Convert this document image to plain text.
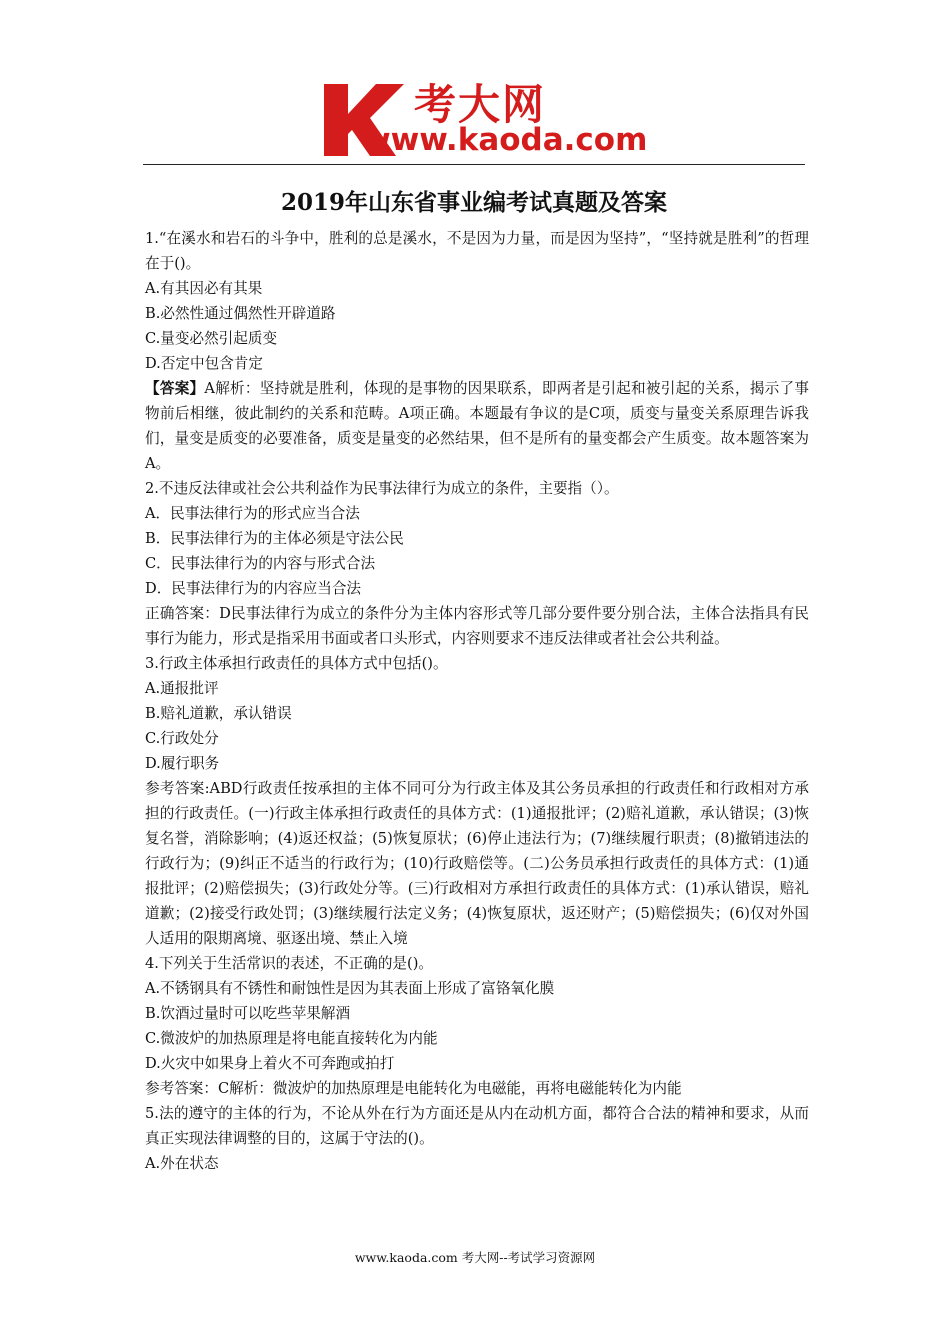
考大网
www.kaoda.com
2019年山东省事业编考试真题及答案

1.“在溪水和岩石的斗争中，胜利的总是溪水，不是因为力量，而是因为坚持”，“坚持就是胜利”的哲理在于()。

A.有其因必有其果

B.必然性通过偶然性开辟道路

C.量变必然引起质变

D.否定中包含肯定

【答案】A解析：坚持就是胜利，体现的是事物的因果联系，即两者是引起和被引起的关系，揭示了事物前后相继，彼此制约的关系和范畴。A项正确。本题最有争议的是C项，质变与量变关系原理告诉我们，量变是质变的必要准备，质变是量变的必然结果，但不是所有的量变都会产生质变。故本题答案为A。

2.不违反法律或社会公共利益作为民事法律行为成立的条件，主要指（）。

A．民事法律行为的形式应当合法

B．民事法律行为的主体必须是守法公民

C．民事法律行为的内容与形式合法

D．民事法律行为的内容应当合法

正确答案：D民事法律行为成立的条件分为主体内容形式等几部分要件要分别合法，主体合法指具有民事行为能力，形式是指采用书面或者口头形式，内容则要求不违反法律或者社会公共利益。

3.行政主体承担行政责任的具体方式中包括()。

A.通报批评

B.赔礼道歉，承认错误

C.行政处分

D.履行职务

参考答案:ABD行政责任按承担的主体不同可分为行政主体及其公务员承担的行政责任和行政相对方承担的行政责任。(一)行政主体承担行政责任的具体方式：(1)通报批评；(2)赔礼道歉，承认错误；(3)恢复名誉，消除影响；(4)返还权益；(5)恢复原状；(6)停止违法行为；(7)继续履行职责；(8)撤销违法的行政行为；(9)纠正不适当的行政行为；(10)行政赔偿等。(二)公务员承担行政责任的具体方式：(1)通报批评；(2)赔偿损失；(3)行政处分等。(三)行政相对方承担行政责任的具体方式：(1)承认错误，赔礼道歉；(2)接受行政处罚；(3)继续履行法定义务；(4)恢复原状，返还财产；(5)赔偿损失；(6)仅对外国人适用的限期离境、驱逐出境、禁止入境

4.下列关于生活常识的表述，不正确的是()。

A.不锈钢具有不锈性和耐蚀性是因为其表面上形成了富铬氧化膜

B.饮酒过量时可以吃些苹果解酒

C.微波炉的加热原理是将电能直接转化为内能

D.火灾中如果身上着火不可奔跑或拍打

参考答案：C解析：微波炉的加热原理是电能转化为电磁能，再将电磁能转化为内能

5.法的遵守的主体的行为，不论从外在行为方面还是从内在动机方面，都符合合法的精神和要求，从而真正实现法律调整的目的，这属于守法的()。

A.外在状态

www.kaoda.com 考大网--考试学习资源网
